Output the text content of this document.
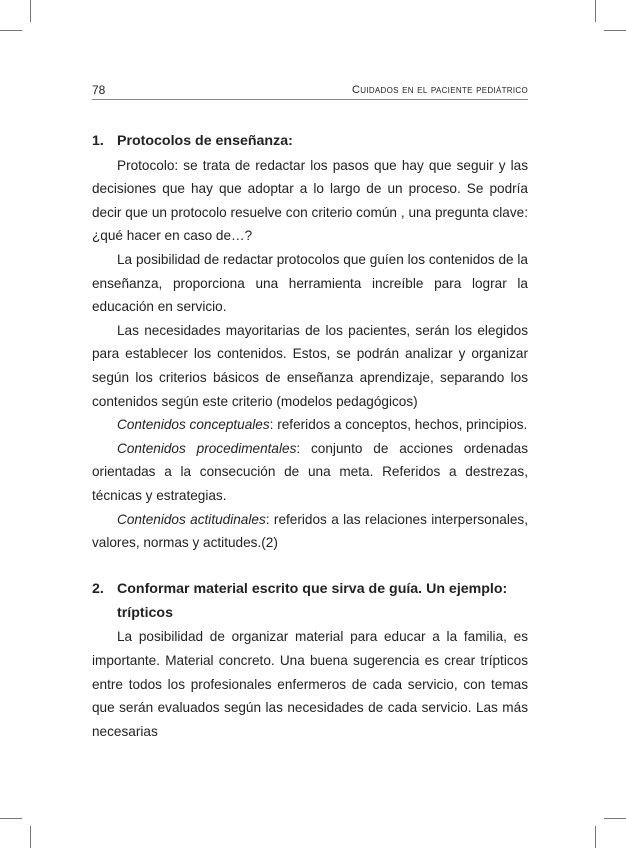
78	Cuidados en el paciente pediátrico
1. Protocolos de enseñanza:

Protocolo: se trata de redactar los pasos que hay que seguir y las decisiones que hay que adoptar a lo largo de un proceso. Se podría decir que un protocolo resuelve con criterio común , una pregunta clave: ¿qué hacer en caso de…?

La posibilidad de redactar protocolos que guíen los contenidos de la enseñanza, proporciona una herramienta increíble para lograr la educación en servicio.

Las necesidades mayoritarias de los pacientes, serán los elegidos para establecer los contenidos. Estos, se podrán analizar y organizar según los criterios básicos de enseñanza aprendizaje, separando los contenidos según este criterio (modelos pedagógicos)

Contenidos conceptuales: referidos a conceptos, hechos, principios.

Contenidos procedimentales: conjunto de acciones ordenadas orientadas a la consecución de una meta. Referidos a destrezas, técnicas y estrategias.

Contenidos actitudinales: referidos a las relaciones interpersonales, valores, normas y actitudes.(2)

2. Conformar material escrito que sirva de guía. Un ejemplo: trípticos

La posibilidad de organizar material para educar a la familia, es importante. Material concreto. Una buena sugerencia es crear trípticos entre todos los profesionales enfermeros de cada servicio, con temas que serán evaluados según las necesidades de cada servicio. Las más necesarias
